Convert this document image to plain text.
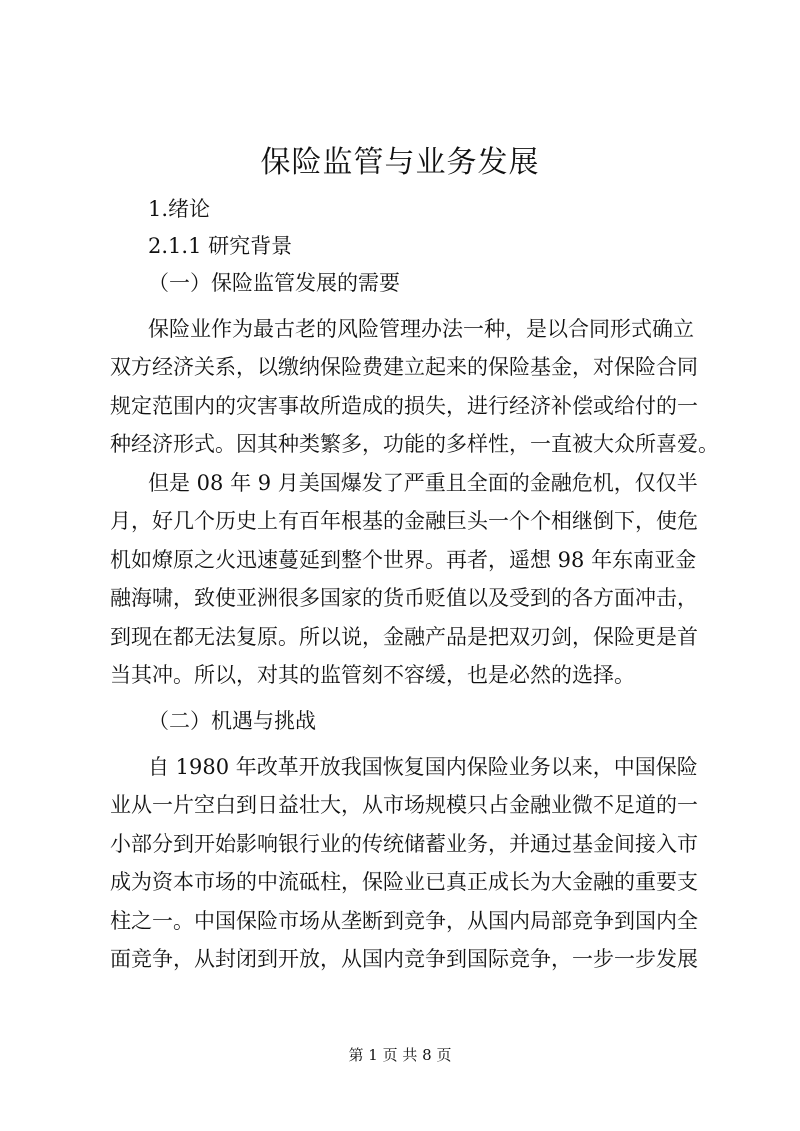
保险监管与业务发展

1.绪论

2.1.1 研究背景

（一）保险监管发展的需要

保险业作为最古老的风险管理办法一种，是以合同形式确立

双方经济关系，以缴纳保险费建立起来的保险基金，对保险合同

规定范围内的灾害事故所造成的损失，进行经济补偿或给付的一

种经济形式。因其种类繁多，功能的多样性，一直被大众所喜爱。

但是 08 年 9 月美国爆发了严重且全面的金融危机，仅仅半

月，好几个历史上有百年根基的金融巨头一个个相继倒下，使危

机如燎原之火迅速蔓延到整个世界。再者，遥想 98 年东南亚金

融海啸，致使亚洲很多国家的货币贬值以及受到的各方面冲击，

到现在都无法复原。所以说，金融产品是把双刃剑，保险更是首

当其冲。所以，对其的监管刻不容缓，也是必然的选择。

（二）机遇与挑战

自 1980 年改革开放我国恢复国内保险业务以来，中国保险

业从一片空白到日益壮大，从市场规模只占金融业微不足道的一

小部分到开始影响银行业的传统储蓄业务，并通过基金间接入市

成为资本市场的中流砥柱，保险业已真正成长为大金融的重要支

柱之一。中国保险市场从垄断到竞争，从国内局部竞争到国内全

面竞争，从封闭到开放，从国内竞争到国际竞争，一步一步发展

第 1 页 共 8 页
